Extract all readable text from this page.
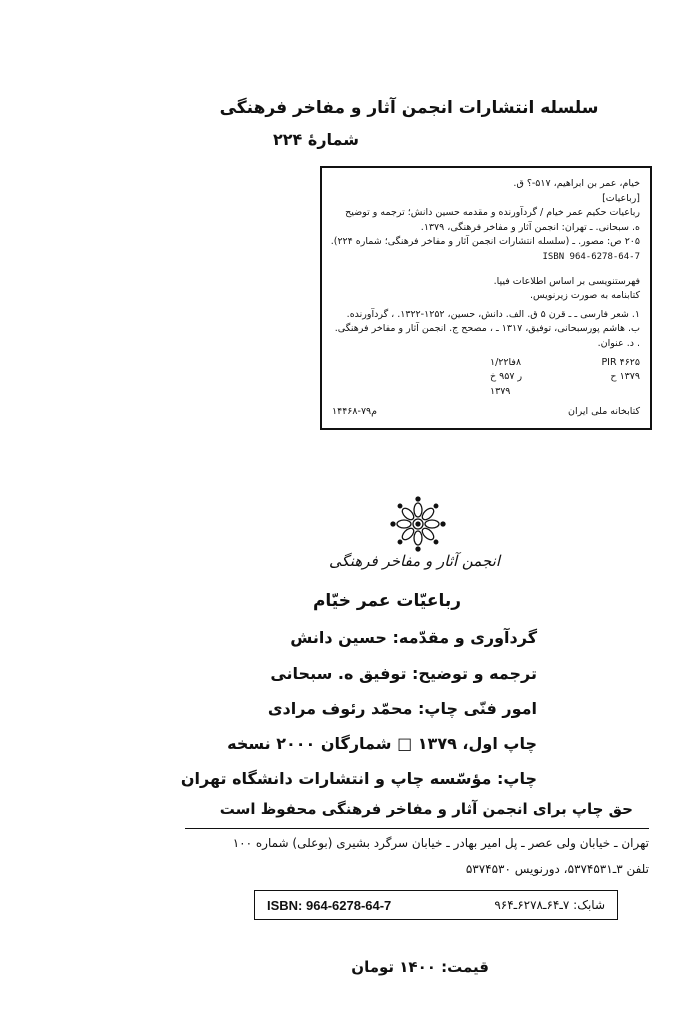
سلسله انتشارات انجمن آثار و مفاخر فرهنگی
شمارهٔ ۲۲۴
خیام، عمر بن ابراهیم، ‎-۵۱۷؟ ق.
[رباعیات]
رباعیات حکیم عمر خیام / گردآورنده و مقدمه حسین دانش؛ ترجمه و توضیح
ه. سبحانی. ـ تهران: انجمن آثار و مفاخر فرهنگی، ۱۳۷۹.
۲۰۵ ص: مصور. ـ (سلسله انتشارات انجمن آثار و مفاخر فرهنگی؛ شماره ۲۲۴).
ISBN 964-6278-64-7
فهرستنویسی بر اساس اطلاعات فیپا.
کتابنامه به صورت زیرنویس.
۱. شعر فارسی ـ ـ قرن ۵ ق. الف. دانش، حسین، ۱۲۵۲-۱۳۲۲. ، گردآورنده.
ب. هاشم پورسبحانی، توفیق، ۱۳۱۷ ـ ، مصحح ج. انجمن آثار و مفاخر فرهنگی.
. د. عنوان.
PIR ۴۶۲۵
۸فا۱/۲۲
۱۳۷۹ ح
ر ۹۵۷ خ
۱۳۷۹
کتابخانه ملی ایران
م۷۹-۱۴۴۶۸
انجمن آثار و مفاخر فرهنگی
رباعیّات عمر خیّام
گردآوری و مقدّمه: حسین دانش
ترجمه و توضیح: توفیق ه. سبحانی
امور فنّی چاپ: محمّد رئوف مرادی
چاپ اول، ۱۳۷۹ □ شمارگان ۲۰۰۰ نسخه
چاپ: مؤسّسه چاپ و انتشارات دانشگاه تهران
حق چاپ برای انجمن آثار و مفاخر فرهنگی محفوظ است
تهران ـ خیابان ولی عصر ـ پل امیر بهادر ـ خیابان سرگرد بشیری (بوعلی) شماره ۱۰۰
تلفن ۳ـ۵۳۷۴۵۳۱، دورنویس ۵۳۷۴۵۳۰
شابک: ۷ـ۶۴ـ۶۲۷۸ـ۹۶۴
ISBN: 964-6278-64-7
قیمت: ۱۴۰۰ تومان
